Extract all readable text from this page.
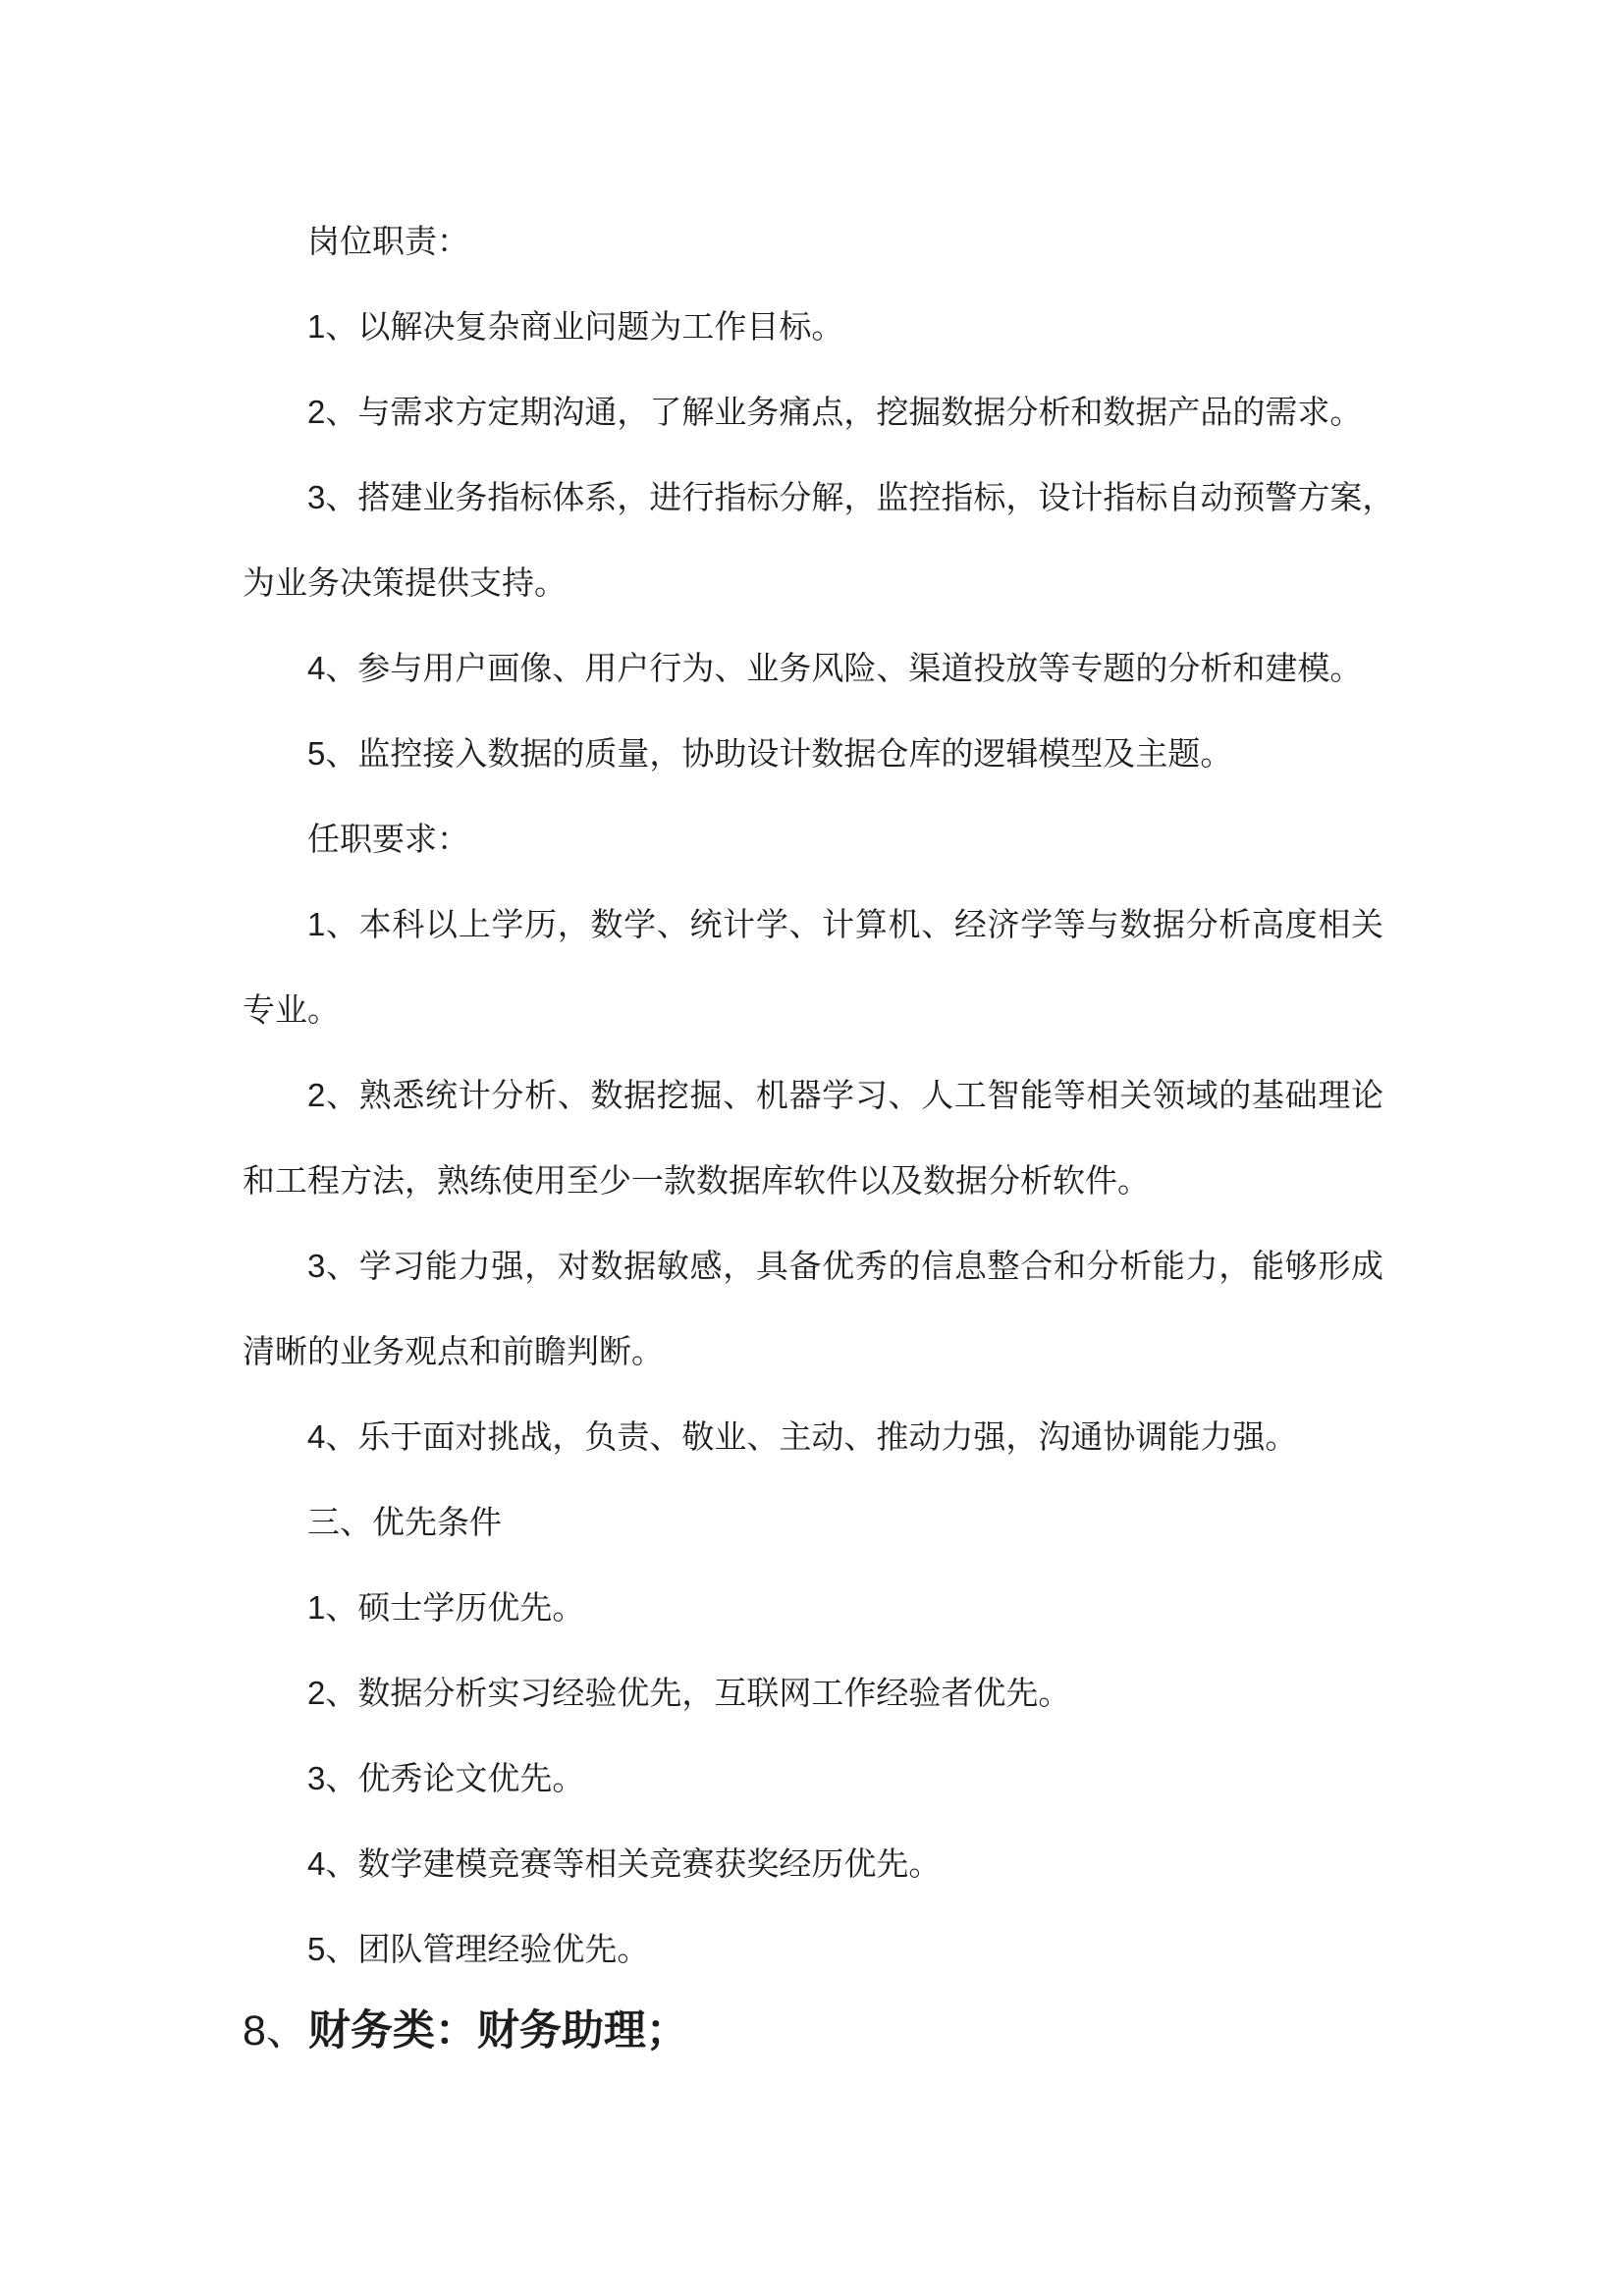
岗位职责：
1、以解决复杂商业问题为工作目标。
2、与需求方定期沟通，了解业务痛点，挖掘数据分析和数据产品的需求。
3、搭建业务指标体系，进行指标分解，监控指标，设计指标自动预警方案，
为业务决策提供支持。
4、参与用户画像、用户行为、业务风险、渠道投放等专题的分析和建模。
5、监控接入数据的质量，协助设计数据仓库的逻辑模型及主题。
任职要求：
1、本科以上学历，数学、统计学、计算机、经济学等与数据分析高度相关
专业。
2、熟悉统计分析、数据挖掘、机器学习、人工智能等相关领域的基础理论
和工程方法，熟练使用至少一款数据库软件以及数据分析软件。
3、学习能力强，对数据敏感，具备优秀的信息整合和分析能力，能够形成
清晰的业务观点和前瞻判断。
4、乐于面对挑战，负责、敬业、主动、推动力强，沟通协调能力强。
三、优先条件
1、硕士学历优先。
2、数据分析实习经验优先，互联网工作经验者优先。
3、优秀论文优先。
4、数学建模竞赛等相关竞赛获奖经历优先。
5、团队管理经验优先。
8、财务类：财务助理；
